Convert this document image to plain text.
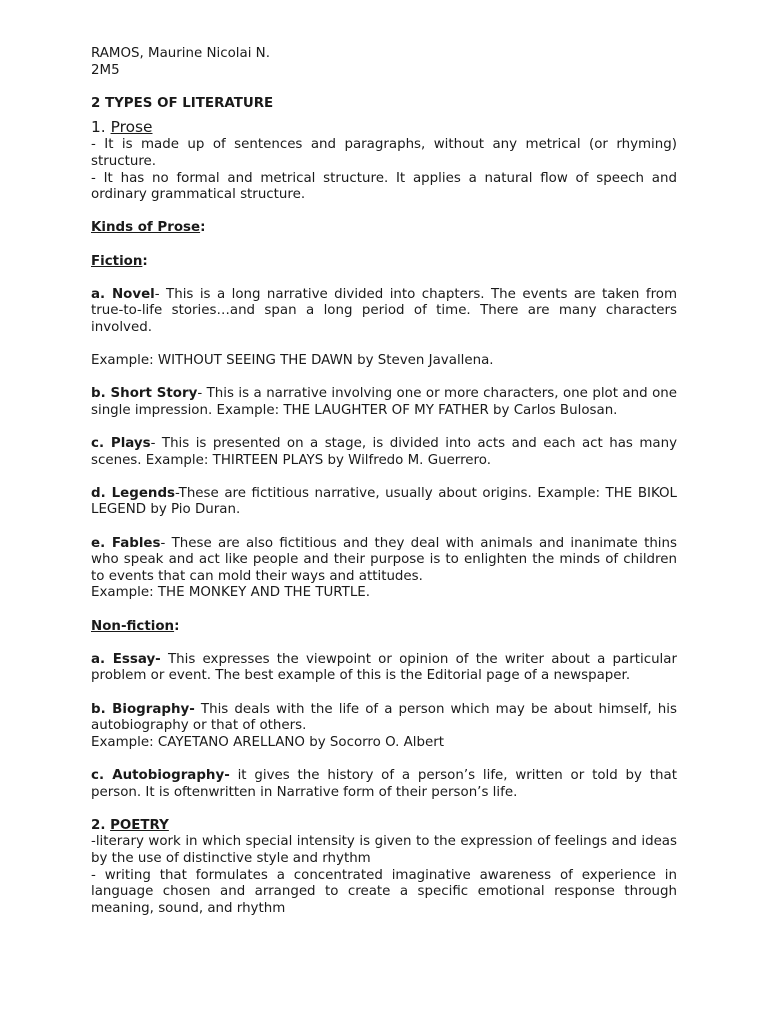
RAMOS, Maurine Nicolai N.

2M5

2 TYPES OF LITERATURE

1. Prose

- It is made up of sentences and paragraphs, without any metrical (or rhyming) structure.

- It has no formal and metrical structure. It applies a natural flow of speech and ordinary grammatical structure.

Kinds of Prose:

Fiction:

a. Novel- This is a long narrative divided into chapters. The events are taken from true-to-life stories…and span a long period of time. There are many characters involved.

Example: WITHOUT SEEING THE DAWN by Steven Javallena.

b. Short Story- This is a narrative involving one or more characters, one plot and one single impression. Example: THE LAUGHTER OF MY FATHER by Carlos Bulosan.

c. Plays- This is presented on a stage, is divided into acts and each act has many scenes. Example: THIRTEEN PLAYS by Wilfredo M. Guerrero.

d. Legends-These are fictitious narrative, usually about origins. Example: THE BIKOL LEGEND by Pio Duran.

e. Fables- These are also fictitious and they deal with animals and inanimate thins who speak and act like people and their purpose is to enlighten the minds of children to events that can mold their ways and attitudes.

Example: THE MONKEY AND THE TURTLE.

Non-fiction:

a. Essay- This expresses the viewpoint or opinion of the writer about a particular problem or event. The best example of this is the Editorial page of a newspaper.

b. Biography- This deals with the life of a person which may be about himself, his autobiography or that of others.

Example: CAYETANO ARELLANO by Socorro O. Albert

c. Autobiography- it gives the history of a person’s life, written or told by that person. It is oftenwritten in Narrative form of their person’s life.

2. POETRY

-literary work in which special intensity is given to the expression of feelings and ideas by the use of distinctive style and rhythm

- writing that formulates a concentrated imaginative awareness of experience in language chosen and arranged to create a specific emotional response through meaning, sound, and rhythm
